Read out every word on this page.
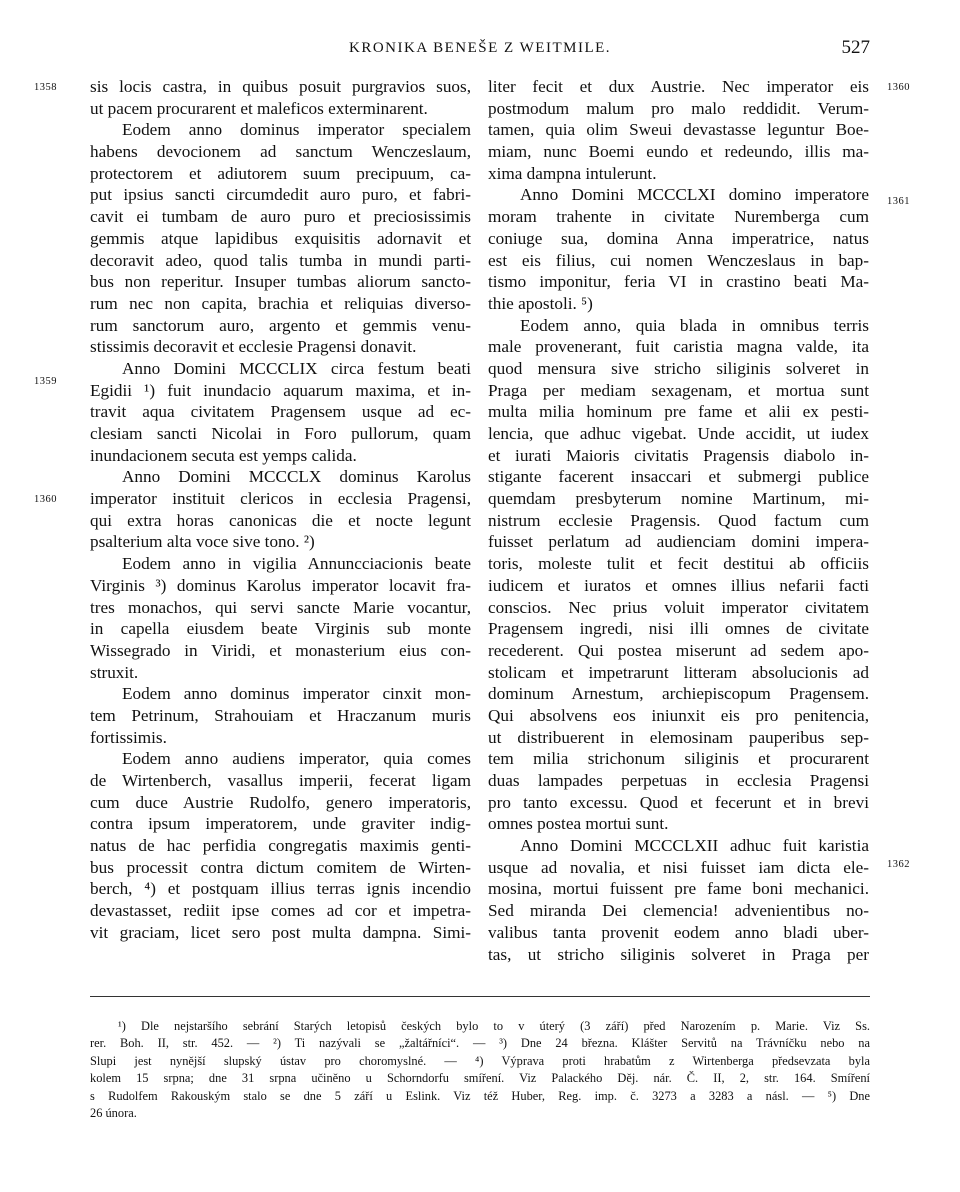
KRONIKA BENEŠE Z WEITMILE.	527
1358
1359
1360
1360
1361
1362
sis locis castra, in quibus posuit purgravios suos,
ut pacem procurarent et maleficos exterminarent.
Eodem anno dominus imperator specialem
habens devocionem ad sanctum Wenczeslaum,
protectorem et adiutorem suum precipuum, ca-
put ipsius sancti circumdedit auro puro, et fabri-
cavit ei tumbam de auro puro et preciosissimis
gemmis atque lapidibus exquisitis adornavit et
decoravit adeo, quod talis tumba in mundi parti-
bus non reperitur. Insuper tumbas aliorum sancto-
rum nec non capita, brachia et reliquias diverso-
rum sanctorum auro, argento et gemmis venu-
stissimis decoravit et ecclesie Pragensi donavit.
Anno Domini MCCCLIX circa festum beati
Egidii ¹) fuit inundacio aquarum maxima, et in-
travit aqua civitatem Pragensem usque ad ec-
clesiam sancti Nicolai in Foro pullorum, quam
inundacionem secuta est yemps calida.
Anno Domini MCCCLX dominus Karolus
imperator instituit clericos in ecclesia Pragensi,
qui extra horas canonicas die et nocte legunt
psalterium alta voce sive tono. ²)
Eodem anno in vigilia Annuncciacionis beate
Virginis ³) dominus Karolus imperator locavit fra-
tres monachos, qui servi sancte Marie vocantur,
in capella eiusdem beate Virginis sub monte
Wissegrado in Viridi, et monasterium eius con-
struxit.
Eodem anno dominus imperator cinxit mon-
tem Petrinum, Strahouiam et Hraczanum muris
fortissimis.
Eodem anno audiens imperator, quia comes
de Wirtenberch, vasallus imperii, fecerat ligam
cum duce Austrie Rudolfo, genero imperatoris,
contra ipsum imperatorem, unde graviter indig-
natus de hac perfidia congregatis maximis genti-
bus processit contra dictum comitem de Wirten-
berch, ⁴) et postquam illius terras ignis incendio
devastasset, rediit ipse comes ad cor et impetra-
vit graciam, licet sero post multa dampna. Simi-
liter fecit et dux Austrie. Nec imperator eis
postmodum malum pro malo reddidit. Verum-
tamen, quia olim Sweui devastasse leguntur Boe-
miam, nunc Boemi eundo et redeundo, illis ma-
xima dampna intulerunt.
Anno Domini MCCCLXI domino imperatore
moram trahente in civitate Nuremberga cum
coniuge sua, domina Anna imperatrice, natus
est eis filius, cui nomen Wenczeslaus in bap-
tismo imponitur, feria VI in crastino beati Ma-
thie apostoli. ⁵)
Eodem anno, quia blada in omnibus terris
male provenerant, fuit caristia magna valde, ita
quod mensura sive stricho siliginis solveret in
Praga per mediam sexagenam, et mortua sunt
multa milia hominum pre fame et alii ex pesti-
lencia, que adhuc vigebat. Unde accidit, ut iudex
et iurati Maioris civitatis Pragensis diabolo in-
stigante facerent insaccari et submergi publice
quemdam presbyterum nomine Martinum, mi-
nistrum ecclesie Pragensis. Quod factum cum
fuisset perlatum ad audienciam domini impera-
toris, moleste tulit et fecit destitui ab officiis
iudicem et iuratos et omnes illius nefarii facti
conscios. Nec prius voluit imperator civitatem
Pragensem ingredi, nisi illi omnes de civitate
recederent. Qui postea miserunt ad sedem apo-
stolicam et impetrarunt litteram absolucionis ad
dominum Arnestum, archiepiscopum Pragensem.
Qui absolvens eos iniunxit eis pro penitencia,
ut distribuerent in elemosinam pauperibus sep-
tem milia strichonum siliginis et procurarent
duas lampades perpetuas in ecclesia Pragensi
pro tanto excessu. Quod et fecerunt et in brevi
omnes postea mortui sunt.
Anno Domini MCCCLXII adhuc fuit karistia
usque ad novalia, et nisi fuisset iam dicta ele-
mosina, mortui fuissent pre fame boni mechanici.
Sed miranda Dei clemencia! advenientibus no-
valibus tanta provenit eodem anno bladi uber-
tas, ut stricho siliginis solveret in Praga per
¹) Dle nejstaršího sebrání Starých letopisů českých bylo to v úterý (3 září) před Narozením p. Marie. Viz Ss.
rer. Boh. II, str. 452. — ²) Ti nazývali se „žaltářníci“. — ³) Dne 24 března. Klášter Servitů na Trávníčku nebo na
Slupi jest nynější slupský ústav pro choromyslné. — ⁴) Výprava proti hrabatům z Wirtenberga předsevzata byla
kolem 15 srpna; dne 31 srpna učiněno u Schorndorfu smíření. Viz Palackého Děj. nár. Č. II, 2, str. 164. Smíření
s Rudolfem Rakouským stalo se dne 5 září u Eslink. Viz též Huber, Reg. imp. č. 3273 a 3283 a násl. — ⁵) Dne
26 února.
